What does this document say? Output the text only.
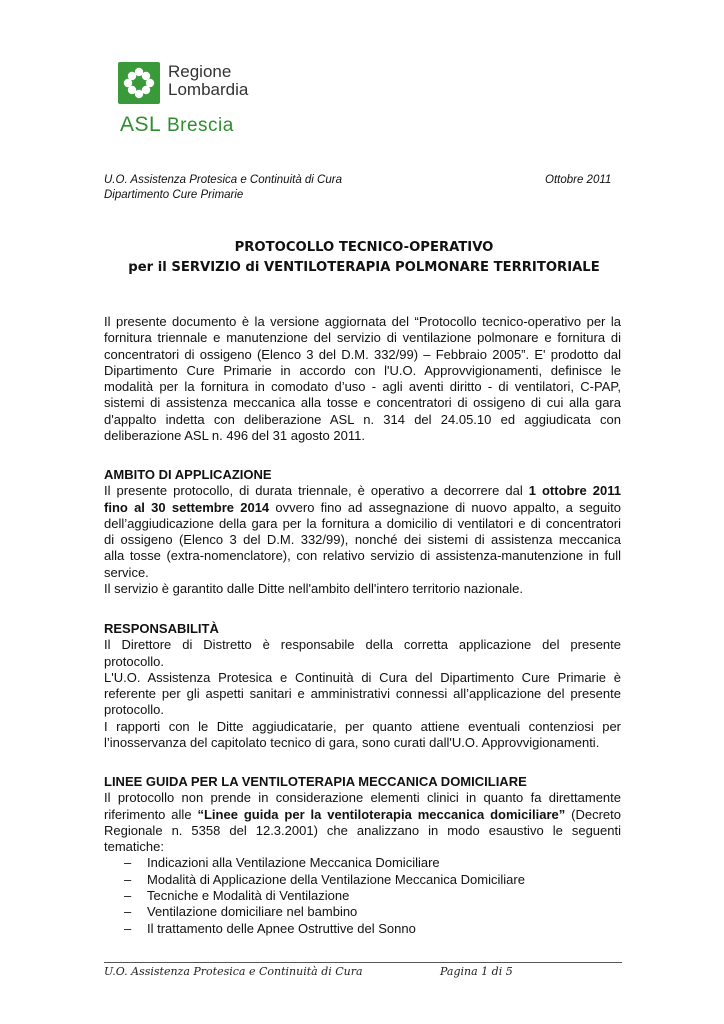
Regione
Lombardia
ASL Brescia
U.O. Assistenza Protesica e Continuità di Cura
Dipartimento Cure Primarie
Ottobre 2011
PROTOCOLLO TECNICO-OPERATIVO
per il SERVIZIO di VENTILOTERAPIA POLMONARE TERRITORIALE
Il presente documento è la versione aggiornata del “Protocollo tecnico-operativo per la
fornitura triennale e manutenzione del servizio di ventilazione polmonare e fornitura di
concentratori di ossigeno (Elenco 3 del D.M. 332/99) – Febbraio 2005”. E' prodotto dal
Dipartimento Cure Primarie in accordo con l'U.O. Approvvigionamenti, definisce le
modalità per la fornitura in comodato d’uso - agli aventi diritto - di ventilatori, C-PAP,
sistemi di assistenza meccanica alla tosse e concentratori di ossigeno di cui alla gara
d'appalto indetta con deliberazione ASL n. 314 del 24.05.10 ed aggiudicata con
deliberazione ASL n. 496 del 31 agosto 2011.
AMBITO DI APPLICAZIONE
Il presente protocollo, di durata triennale, è operativo a decorrere dal 1 ottobre 2011
fino al 30 settembre 2014 ovvero fino ad assegnazione di nuovo appalto, a seguito
dell’aggiudicazione della gara per la fornitura a domicilio di ventilatori e di concentratori
di ossigeno (Elenco 3 del D.M. 332/99), nonché dei sistemi di assistenza meccanica
alla tosse (extra-nomenclatore), con relativo servizio di assistenza-manutenzione in full
service.
Il servizio è garantito dalle Ditte nell'ambito dell'intero territorio nazionale.
RESPONSABILITÀ
Il Direttore di Distretto è responsabile della corretta applicazione del presente
protocollo.
L'U.O. Assistenza Protesica e Continuità di Cura del Dipartimento Cure Primarie è
referente per gli aspetti sanitari e amministrativi connessi all’applicazione del presente
protocollo.
I rapporti con le Ditte aggiudicatarie, per quanto attiene eventuali contenziosi per
l’inosservanza del capitolato tecnico di gara, sono curati dall'U.O. Approvvigionamenti.
LINEE GUIDA PER LA VENTILOTERAPIA MECCANICA DOMICILIARE
Il protocollo non prende in considerazione elementi clinici in quanto fa direttamente
riferimento alle “Linee guida per la ventiloterapia meccanica domiciliare” (Decreto
Regionale n. 5358 del 12.3.2001) che analizzano in modo esaustivo le seguenti
tematiche:
– Indicazioni alla Ventilazione Meccanica Domiciliare
– Modalità di Applicazione della Ventilazione Meccanica Domiciliare
– Tecniche e Modalità di Ventilazione
– Ventilazione domiciliare nel bambino
– Il trattamento delle Apnee Ostruttive del Sonno
U.O. Assistenza Protesica e Continuità di Cura	Pagina 1 di 5
